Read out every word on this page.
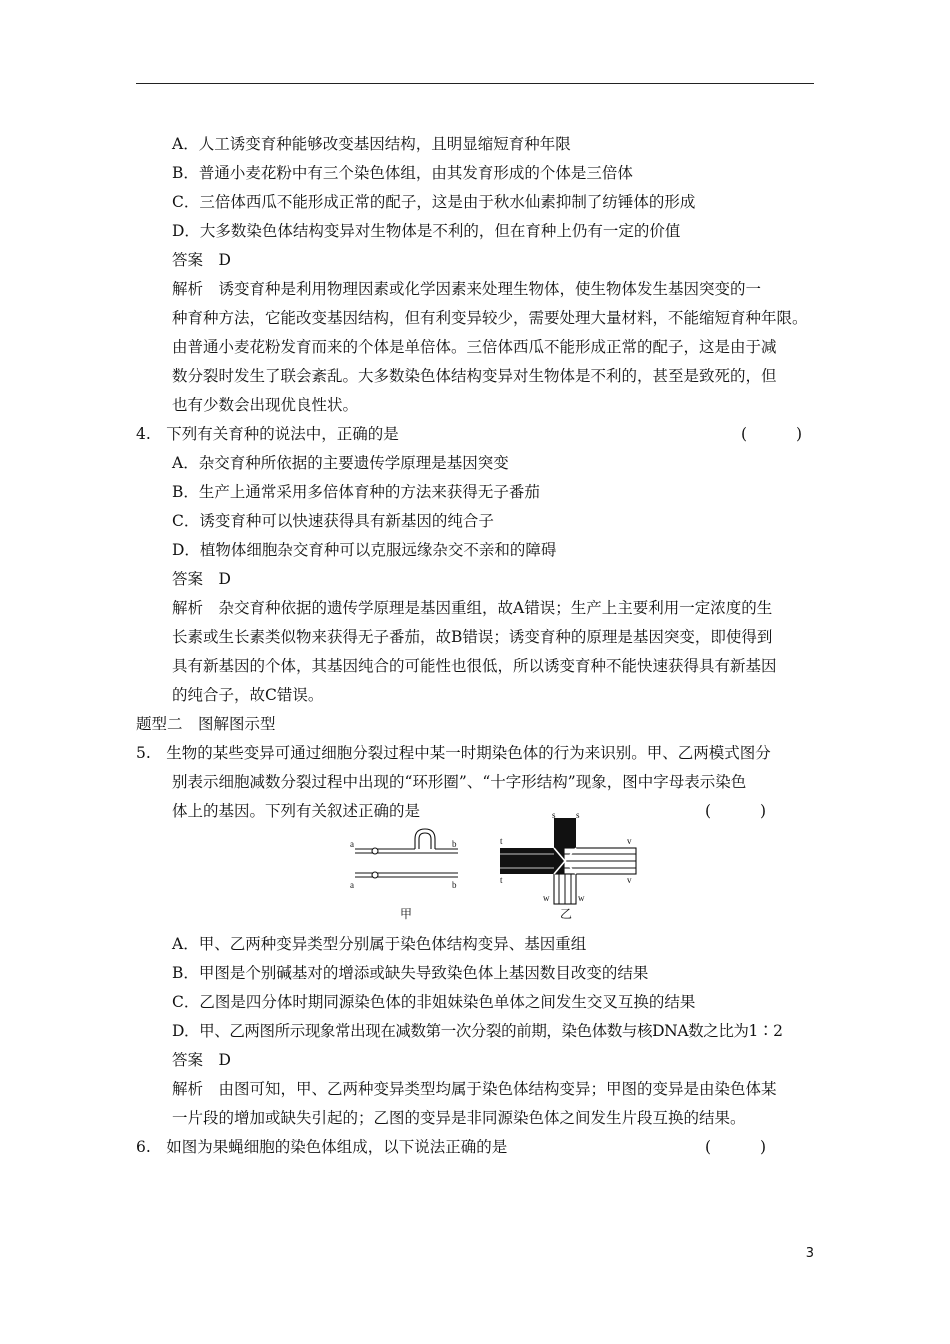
A．人工诱变育种能够改变基因结构，且明显缩短育种年限
B．普通小麦花粉中有三个染色体组，由其发育形成的个体是三倍体
C．三倍体西瓜不能形成正常的配子，这是由于秋水仙素抑制了纺锤体的形成
D．大多数染色体结构变异对生物体是不利的，但在育种上仍有一定的价值
答案　D
解析　诱变育种是利用物理因素或化学因素来处理生物体，使生物体发生基因突变的一
种育种方法，它能改变基因结构，但有利变异较少，需要处理大量材料，不能缩短育种年限。
由普通小麦花粉发育而来的个体是单倍体。三倍体西瓜不能形成正常的配子，这是由于减
数分裂时发生了联会紊乱。大多数染色体结构变异对生物体是不利的，甚至是致死的，但
也有少数会出现优良性状。
4.　下列有关育种的说法中，正确的是	(　　)
A．杂交育种所依据的主要遗传学原理是基因突变
B．生产上通常采用多倍体育种的方法来获得无子番茄
C．诱变育种可以快速获得具有新基因的纯合子
D．植物体细胞杂交育种可以克服远缘杂交不亲和的障碍
答案　D
解析　杂交育种依据的遗传学原理是基因重组，故A错误；生产上主要利用一定浓度的生
长素或生长素类似物来获得无子番茄，故B错误；诱变育种的原理是基因突变，即使得到
具有新基因的个体，其基因纯合的可能性也很低，所以诱变育种不能快速获得具有新基因
的纯合子，故C错误。
题型二　图解图示型
5.　生物的某些变异可通过细胞分裂过程中某一时期染色体的行为来识别。甲、乙两模式图分
别表示细胞减数分裂过程中出现的“环形圈”、“十字形结构”现象，图中字母表示染色
体上的基因。下列有关叙述正确的是	(　　)
a	b
a	b
甲
s s
t
t
v
v
w	w
乙
A．甲、乙两种变异类型分别属于染色体结构变异、基因重组
B．甲图是个别碱基对的增添或缺失导致染色体上基因数目改变的结果
C．乙图是四分体时期同源染色体的非姐妹染色单体之间发生交叉互换的结果
D．甲、乙两图所示现象常出现在减数第一次分裂的前期，染色体数与核DNA数之比为1∶2
答案　D
解析　由图可知，甲、乙两种变异类型均属于染色体结构变异；甲图的变异是由染色体某
一片段的增加或缺失引起的；乙图的变异是非同源染色体之间发生片段互换的结果。
6.　如图为果蝇细胞的染色体组成，以下说法正确的是	(　　)
3
